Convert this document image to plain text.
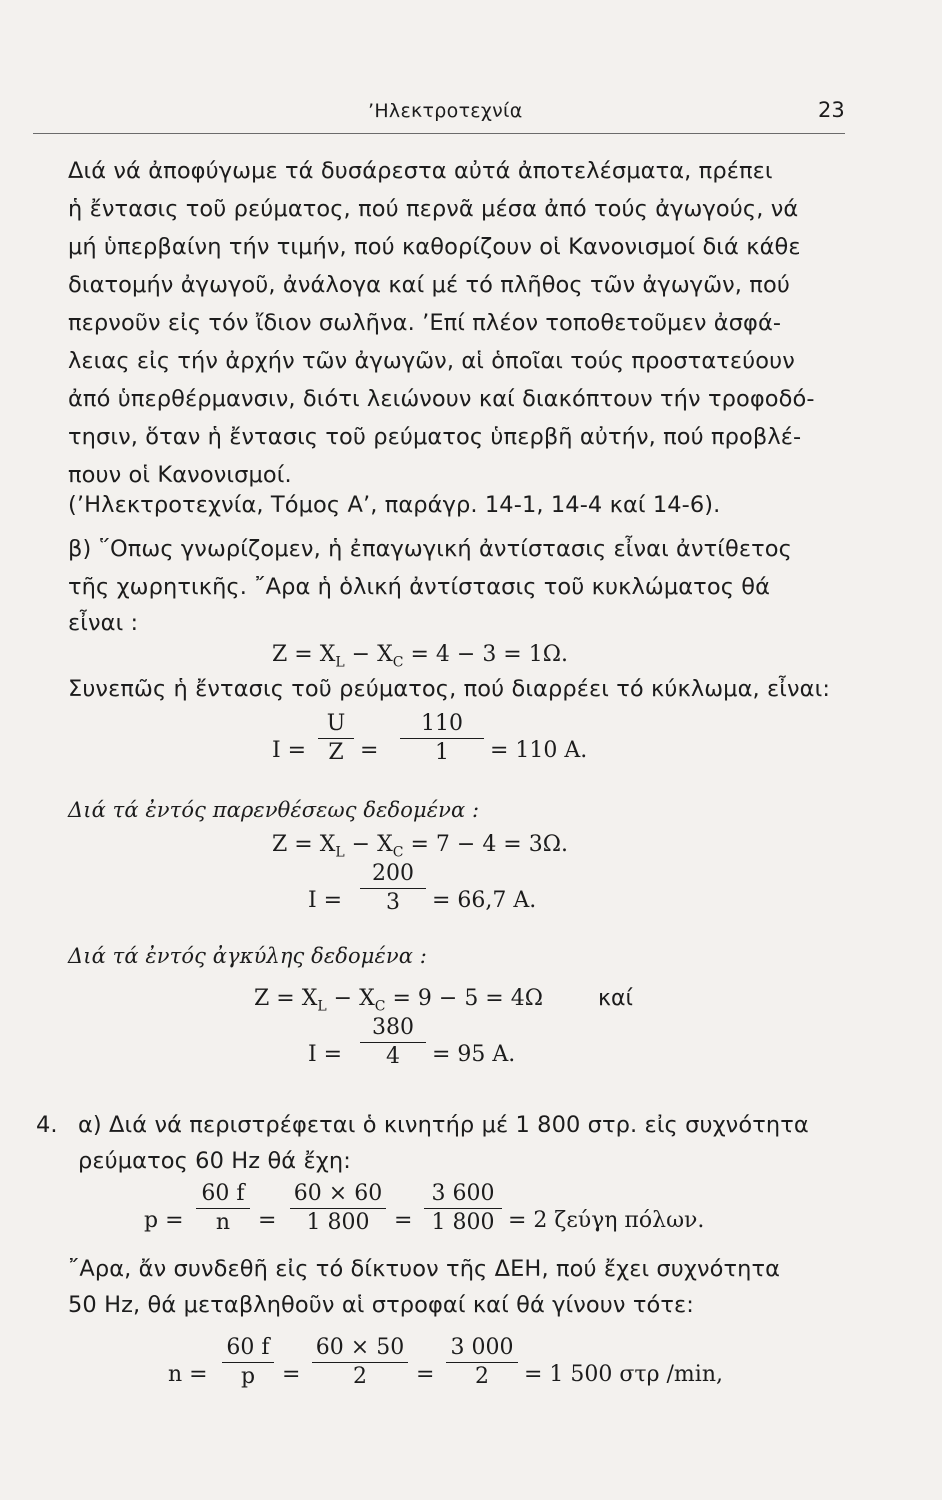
’Ηλεκτροτεχνία	23
Διά νά ἀποφύγωμε τά δυσάρεστα αὐτά ἀποτελέσματα, πρέπει
ἡ ἔντασις τοῦ ρεύματος, πού περνᾶ μέσα ἀπό τούς ἀγωγούς, νά
μή ὑπερβαίνη τήν τιμήν, πού καθορίζουν οἱ Κανονισμοί διά κάθε
διατομήν ἀγωγοῦ, ἀνάλογα καί μέ τό πλῆθος τῶν ἀγωγῶν, πού
περνοῦν εἰς τόν ἴδιον σωλῆνα. ’Επί πλέον τοποθετοῦμεν ἀσφά-
λειας εἰς τήν ἀρχήν τῶν ἀγωγῶν, αἱ ὁποῖαι τούς προστατεύουν
ἀπό ὑπερθέρμανσιν, διότι λειώνουν καί διακόπτουν τήν τροφοδό-
τησιν, ὅταν ἡ ἔντασις τοῦ ρεύματος ὑπερβῆ αὐτήν, πού προβλέ-
πουν οἱ Κανονισμοί.
(’Ηλεκτροτεχνία, Τόμος Α’, παράγρ. 14-1, 14-4 καί 14-6).
β) ῞Οπως γνωρίζομεν, ἡ ἐπαγωγική ἀντίστασις εἶναι ἀντίθετος
τῆς χωρητικῆς. ῎Αρα ἡ ὁλική ἀντίστασις τοῦ κυκλώματος θά
εἶναι :
$Z = X_L - X_C = 4 - 3 = 1\Omega$.
Συνεπῶς ἡ ἔντασις τοῦ ρεύματος, πού διαρρέει τό κύκλωμα, εἶναι:
$I = \frac{U}{Z} = \frac{110}{1} = 110$ A.
Διά τά ἐντός παρενθέσεως δεδομένα :
$Z = X_L - X_C = 7 - 4 = 3\Omega$.
$I = \frac{200}{3} = 66,7$ A.
Διά τά ἐντός ἀγκύλης δεδομένα :
$Z = X_L - X_C = 9 - 5 = 4\Omega$	καί
$I = \frac{380}{4} = 95$ A.
4. α) Διά νά περιστρέφεται ὁ κινητήρ μέ 1 800 στρ. εἰς συχνότητα
ρεύματος 60 Hz θά ἔχη:
$p = \frac{60 f}{n} = \frac{60 \times 60}{1 800} = \frac{3 600}{1 800} = 2$ ζεύγη πόλων.
῎Αρα, ἄν συνδεθῆ εἰς τό δίκτυον τῆς ΔΕΗ, πού ἔχει συχνότητα
50 Hz, θά μεταβληθοῦν αἱ στροφαί καί θά γίνουν τότε:
$n = \frac{60 f}{p} = \frac{60 \times 50}{2} = \frac{3 000}{2} = 1$ 500 στρ /min,
